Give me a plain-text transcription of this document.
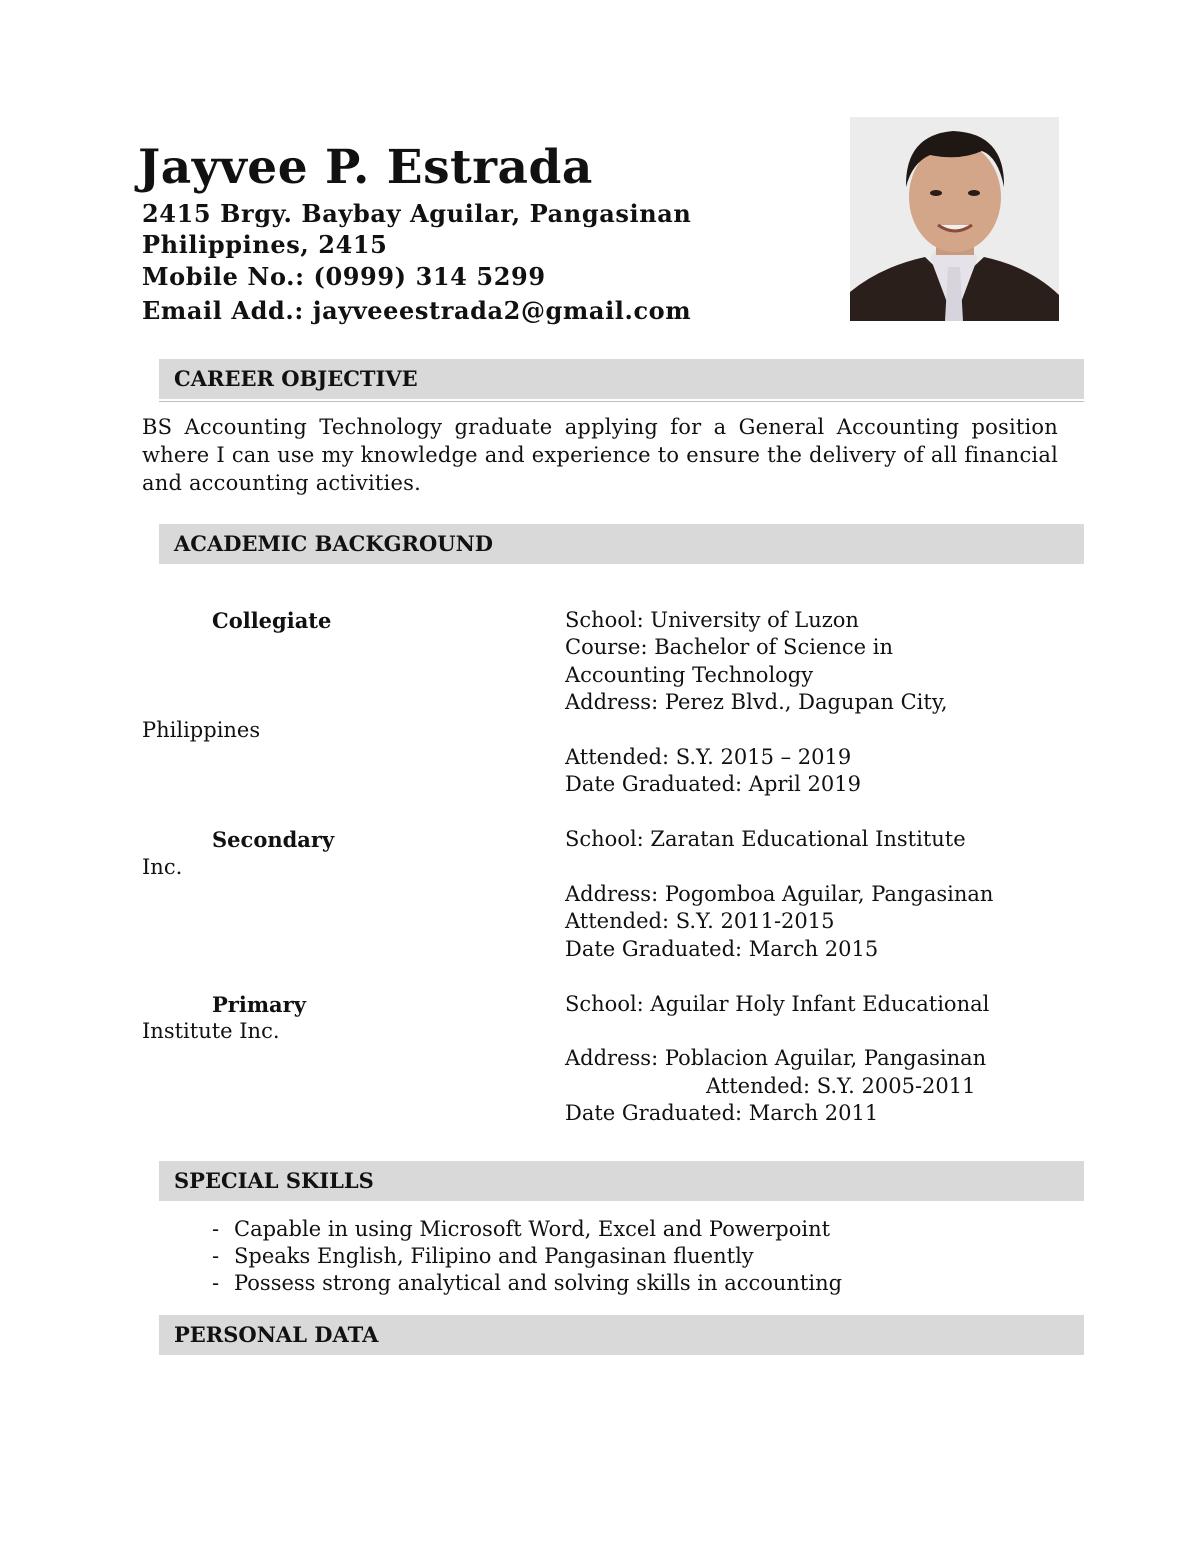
Jayvee P. Estrada
2415 Brgy. Baybay Aguilar, Pangasinan
Philippines, 2415
Mobile No.: (0999) 314 5299
Email Add.: jayveeestrada2@gmail.com
CAREER OBJECTIVE
BS Accounting Technology graduate applying for a General Accounting position where I can use my knowledge and experience to ensure the delivery of all financial and accounting activities.
ACADEMIC BACKGROUND
Collegiate	School: University of Luzon
Course: Bachelor of Science in
Accounting Technology
Address: Perez Blvd., Dagupan City,
Philippines
Attended: S.Y. 2015 – 2019
Date Graduated: April 2019
Secondary	School: Zaratan Educational Institute
Inc.
Address: Pogomboa Aguilar, Pangasinan
Attended: S.Y. 2011-2015
Date Graduated: March 2015
Primary	School: Aguilar Holy Infant Educational
Institute Inc.
Address: Poblacion Aguilar, Pangasinan
Attended: S.Y. 2005-2011
Date Graduated: March 2011
SPECIAL SKILLS
- Capable in using Microsoft Word, Excel and Powerpoint
- Speaks English, Filipino and Pangasinan fluently
- Possess strong analytical and solving skills in accounting
PERSONAL DATA
